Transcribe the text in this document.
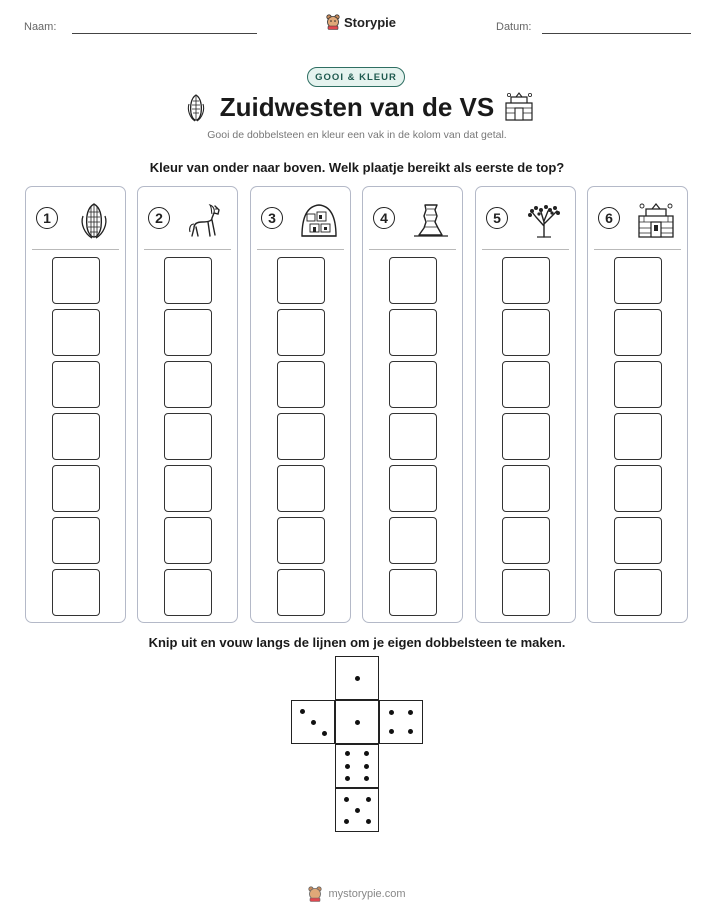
Naam:	Storypie	Datum:
GOOI & KLEUR
Zuidwesten van de VS
Gooi de dobbelsteen en kleur een vak in de kolom van dat getal.
Kleur van onder naar boven. Welk plaatje bereikt als eerste de top?
1	2	3	4	5	6
Knip uit en vouw langs de lijnen om je eigen dobbelsteen te maken.
mystorypie.com
